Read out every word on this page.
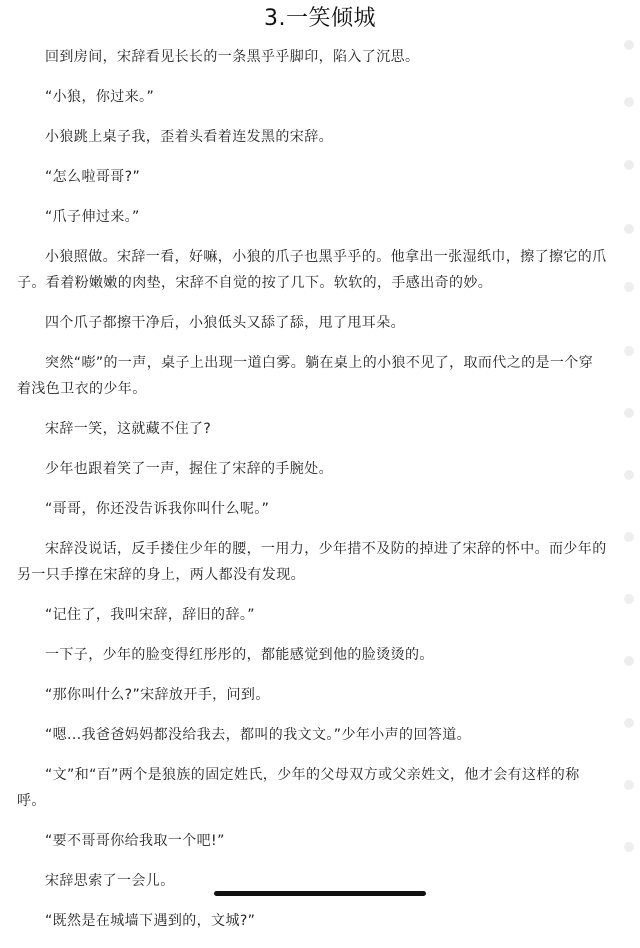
3.一笑倾城

回到房间，宋辞看见长长的一条黑乎乎脚印，陷入了沉思。

“小狼，你过来。”

小狼跳上桌子我，歪着头看着连发黑的宋辞。

“怎么啦哥哥?”

“爪子伸过来。”

小狼照做。宋辞一看，好嘛，小狼的爪子也黑乎乎的。他拿出一张湿纸巾，擦了擦它的爪子。看着粉嫩嫩的肉垫，宋辞不自觉的按了几下。软软的，手感出奇的妙。

四个爪子都擦干净后，小狼低头又舔了舔，甩了甩耳朵。

突然“嘭”的一声，桌子上出现一道白雾。躺在桌上的小狼不见了，取而代之的是一个穿着浅色卫衣的少年。

宋辞一笑，这就藏不住了?

少年也跟着笑了一声，握住了宋辞的手腕处。

“哥哥，你还没告诉我你叫什么呢。”

宋辞没说话，反手搂住少年的腰，一用力，少年措不及防的掉进了宋辞的怀中。而少年的另一只手撑在宋辞的身上，两人都没有发现。

“记住了，我叫宋辞，辞旧的辞。”

一下子，少年的脸变得红彤彤的，都能感觉到他的脸烫烫的。

“那你叫什么?”宋辞放开手，问到。

“嗯...我爸爸妈妈都没给我去，都叫的我文文。”少年小声的回答道。

“文”和“百”两个是狼族的固定姓氏，少年的父母双方或父亲姓文，他才会有这样的称呼。

“要不哥哥你给我取一个吧!”

宋辞思索了一会儿。

“既然是在城墙下遇到的，文城?”
